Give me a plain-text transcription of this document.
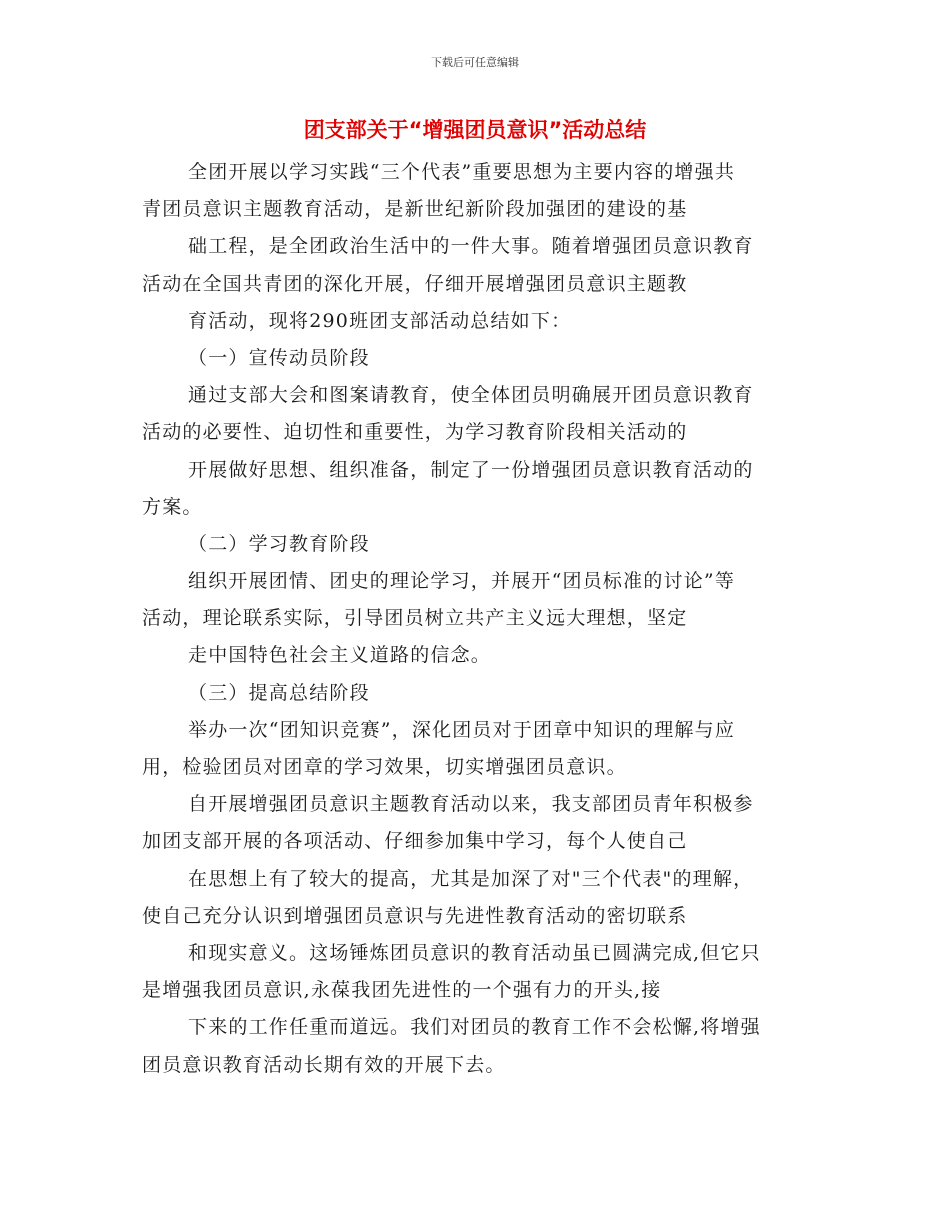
下载后可任意编辑
团支部关于“增强团员意识”活动总结
全团开展以学习实践“三个代表”重要思想为主要内容的增强共
青团员意识主题教育活动，是新世纪新阶段加强团的建设的基
础工程，是全团政治生活中的一件大事。随着增强团员意识教育
活动在全国共青团的深化开展，仔细开展增强团员意识主题教
育活动，现将290班团支部活动总结如下：
（一）宣传动员阶段
通过支部大会和图案请教育，使全体团员明确展开团员意识教育
活动的必要性、迫切性和重要性，为学习教育阶段相关活动的
开展做好思想、组织准备，制定了一份增强团员意识教育活动的
方案。
（二）学习教育阶段
组织开展团情、团史的理论学习，并展开“团员标准的讨论”等
活动，理论联系实际，引导团员树立共产主义远大理想，坚定
走中国特色社会主义道路的信念。
（三）提高总结阶段
举办一次“团知识竞赛”，深化团员对于团章中知识的理解与应
用，检验团员对团章的学习效果，切实增强团员意识。
自开展增强团员意识主题教育活动以来，我支部团员青年积极参
加团支部开展的各项活动、仔细参加集中学习，每个人使自己
在思想上有了较大的提高，尤其是加深了对"三个代表"的理解，
使自己充分认识到增强团员意识与先进性教育活动的密切联系
和现实意义。这场锤炼团员意识的教育活动虽已圆满完成,但它只
是增强我团员意识,永葆我团先进性的一个强有力的开头,接
下来的工作任重而道远。我们对团员的教育工作不会松懈,将增强
团员意识教育活动长期有效的开展下去。
